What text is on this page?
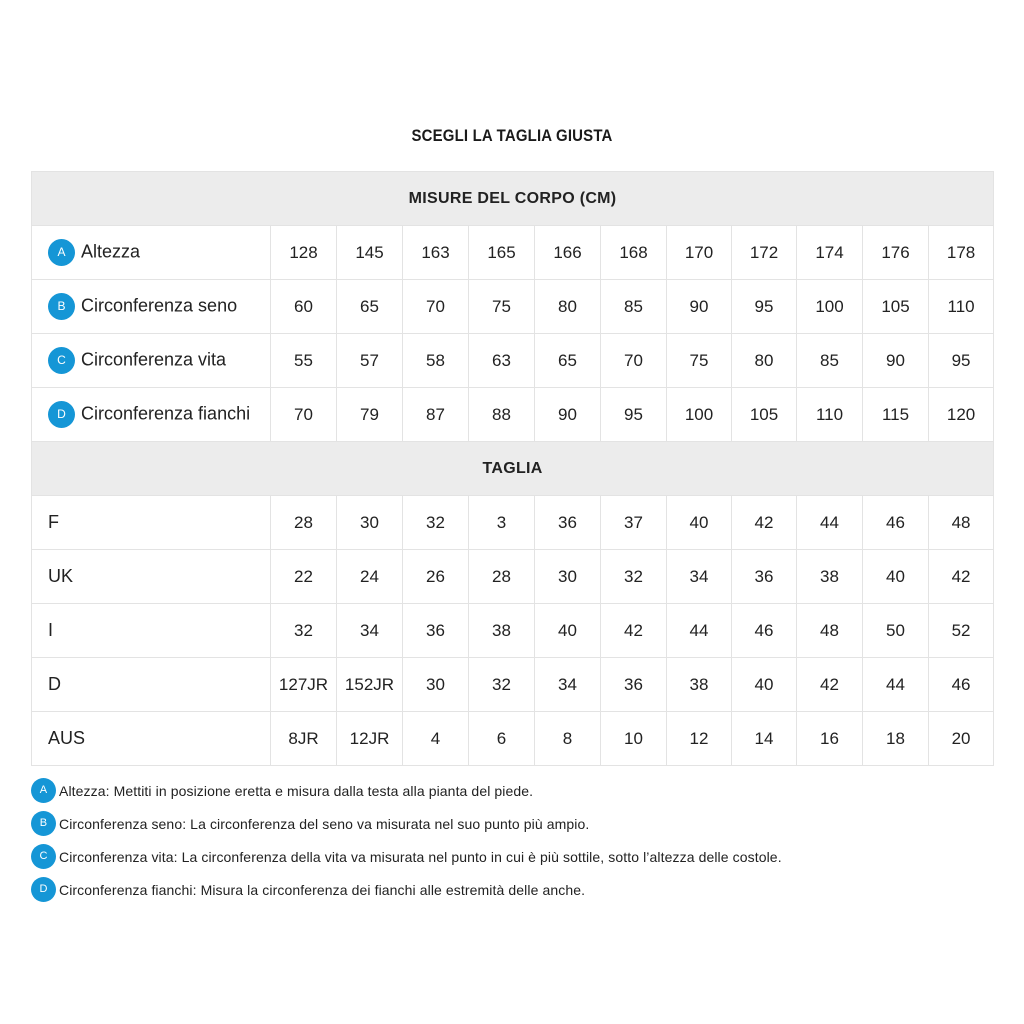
SCEGLI LA TAGLIA GIUSTA
MISURE DEL CORPO (CM)											
A Altezza	128	145	163	165	166	168	170	172	174	176	178
B Circonferenza seno	60	65	70	75	80	85	90	95	100	105	110
C Circonferenza vita	55	57	58	63	65	70	75	80	85	90	95
D Circonferenza fianchi	70	79	87	88	90	95	100	105	110	115	120
TAGLIA											
F	28	30	32	3	36	37	40	42	44	46	48
UK	22	24	26	28	30	32	34	36	38	40	42
I	32	34	36	38	40	42	44	46	48	50	52
D	127JR	152JR	30	32	34	36	38	40	42	44	46
AUS	8JR	12JR	4	6	8	10	12	14	16	18	20
A Altezza: Mettiti in posizione eretta e misura dalla testa alla pianta del piede.
B Circonferenza seno: La circonferenza del seno va misurata nel suo punto più ampio.
C Circonferenza vita: La circonferenza della vita va misurata nel punto in cui è più sottile, sotto l’altezza delle costole.
D Circonferenza fianchi: Misura la circonferenza dei fianchi alle estremità delle anche.
